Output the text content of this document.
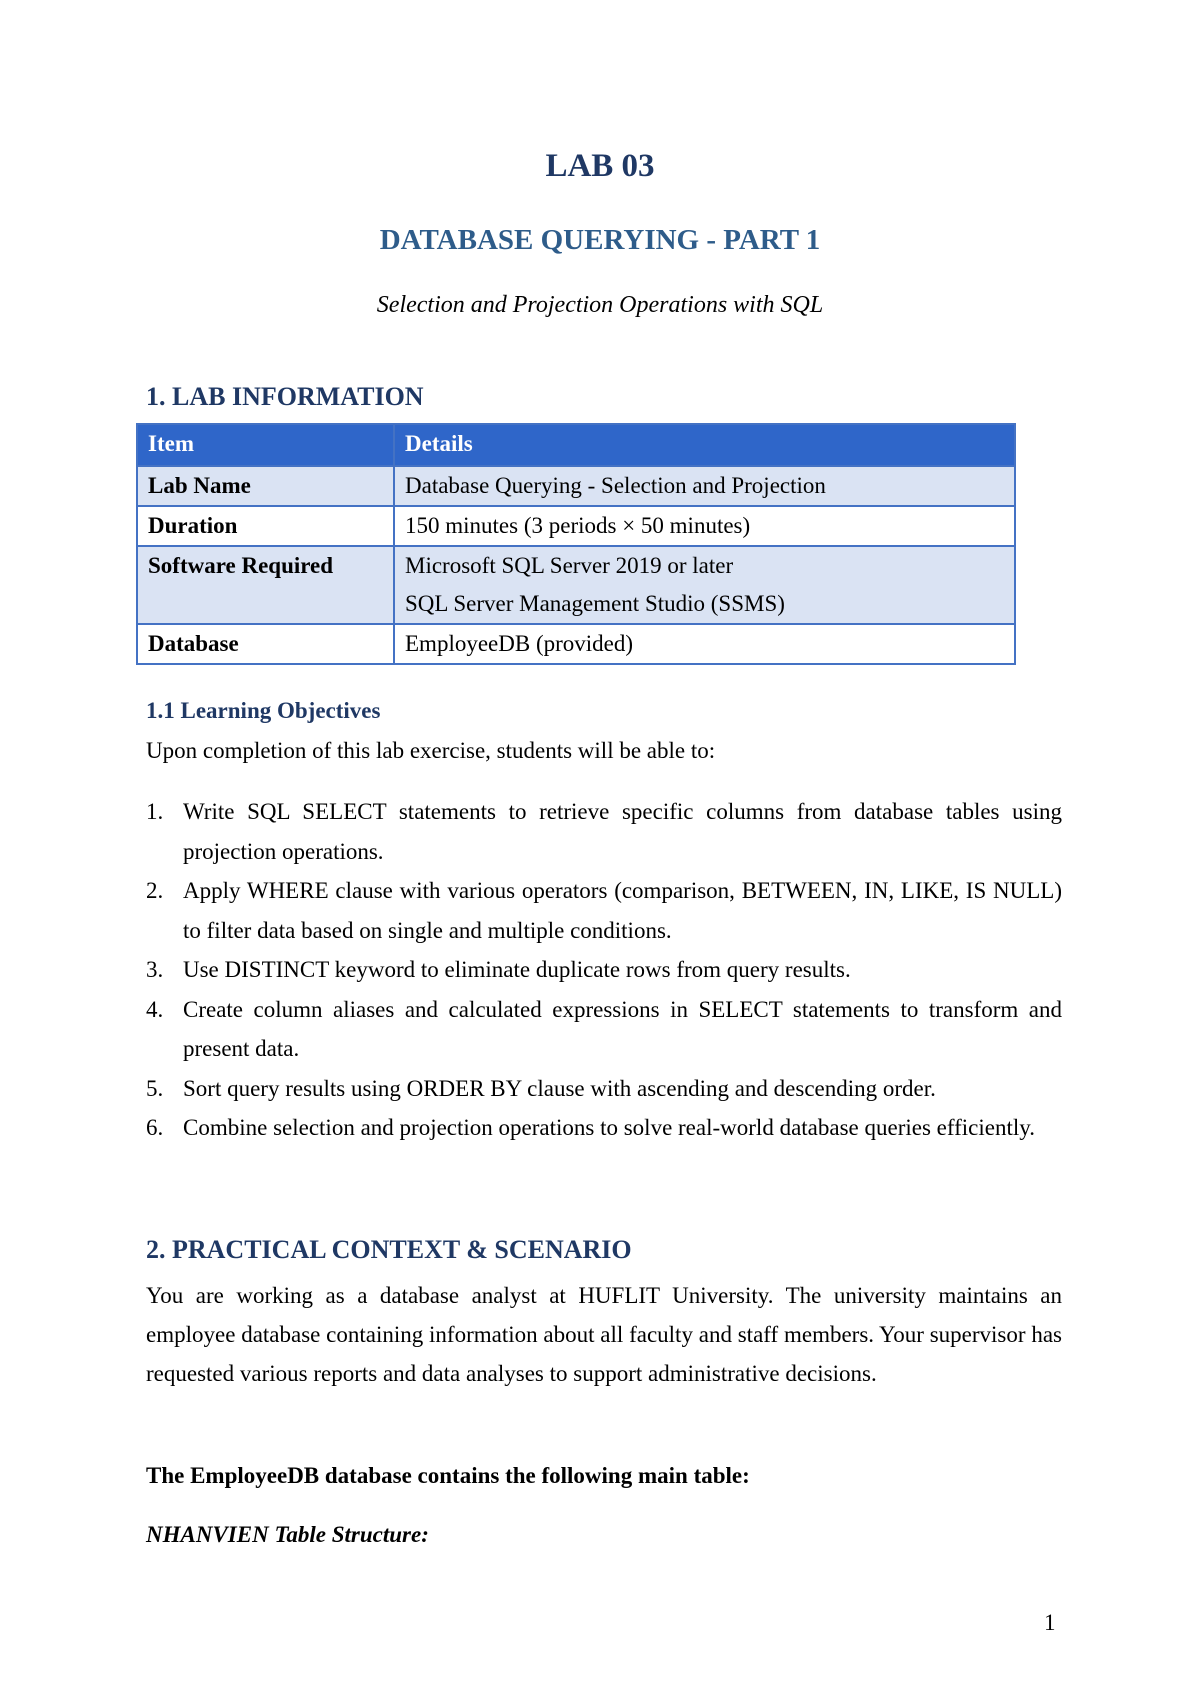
LAB 03
DATABASE QUERYING - PART 1
Selection and Projection Operations with SQL
1. LAB INFORMATION
Item	Details
Lab Name	Database Querying - Selection and Projection

Duration	150 minutes (3 periods × 50 minutes)

Software Required	Microsoft SQL Server 2019 or later
SQL Server Management Studio (SSMS)

Database	EmployeeDB (provided)
1.1 Learning Objectives
Upon completion of this lab exercise, students will be able to:
1. Write SQL SELECT statements to retrieve specific columns from database tables using projection operations.
2. Apply WHERE clause with various operators (comparison, BETWEEN, IN, LIKE, IS NULL) to filter data based on single and multiple conditions.
3. Use DISTINCT keyword to eliminate duplicate rows from query results.
4. Create column aliases and calculated expressions in SELECT statements to transform and present data.
5. Sort query results using ORDER BY clause with ascending and descending order.
6. Combine selection and projection operations to solve real-world database queries efficiently.
2. PRACTICAL CONTEXT & SCENARIO
You are working as a database analyst at HUFLIT University. The university maintains an employee database containing information about all faculty and staff members. Your supervisor has requested various reports and data analyses to support administrative decisions.
The EmployeeDB database contains the following main table:
NHANVIEN Table Structure:
1
